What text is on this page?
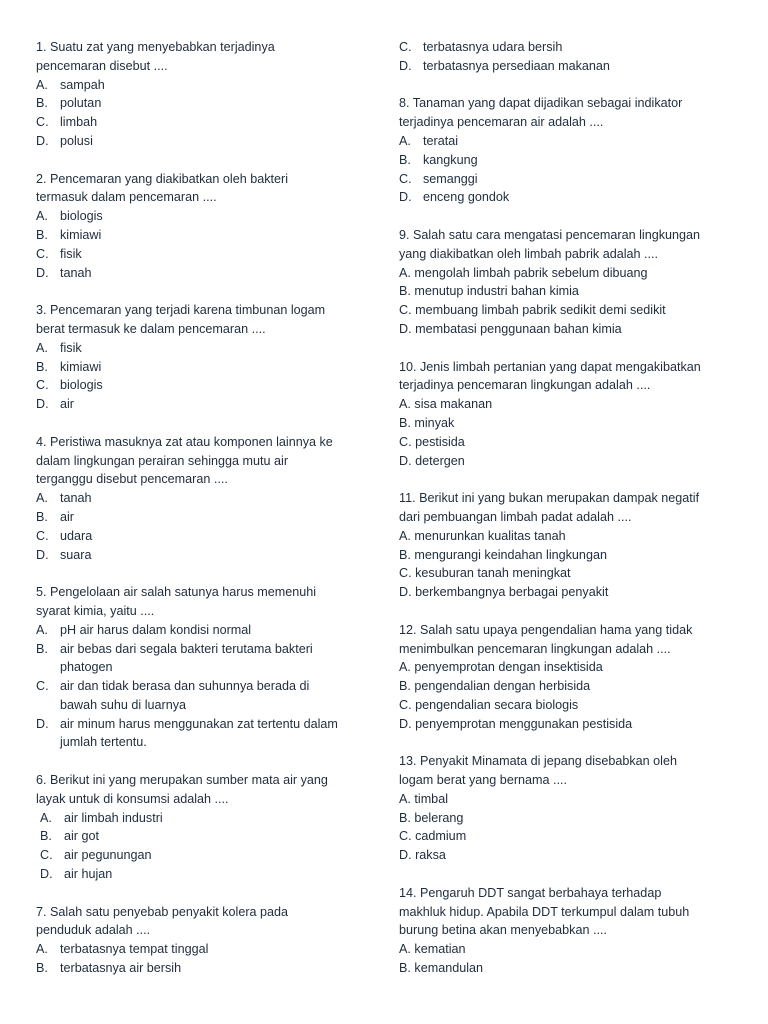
1. Suatu zat yang menyebabkan terjadinya
pencemaran disebut ....
A. sampah
B. polutan
C. limbah
D. polusi
2. Pencemaran yang diakibatkan oleh bakteri
termasuk dalam pencemaran ....
A. biologis
B. kimiawi
C. fisik
D. tanah
3. Pencemaran yang terjadi karena timbunan logam
berat termasuk ke dalam pencemaran ....
A. fisik
B. kimiawi
C. biologis
D. air
4. Peristiwa masuknya zat atau komponen lainnya ke
dalam lingkungan perairan sehingga mutu air
terganggu disebut pencemaran ....
A. tanah
B. air
C. udara
D. suara
5. Pengelolaan air salah satunya harus memenuhi
syarat kimia, yaitu ....
A. pH air harus dalam kondisi normal
B. air bebas dari segala bakteri terutama bakteri
phatogen
C. air dan tidak berasa dan suhunnya berada di
bawah suhu di luarnya
D. air minum harus menggunakan zat tertentu dalam
jumlah tertentu.
6. Berikut ini yang merupakan sumber mata air yang
layak untuk di konsumsi adalah ....
A. air limbah industri
B. air got
C. air pegunungan
D. air hujan
7. Salah satu penyebab penyakit kolera pada
penduduk adalah ....
A. terbatasnya tempat tinggal
B. terbatasnya air bersih
C. terbatasnya udara bersih
D. terbatasnya persediaan makanan
8. Tanaman yang dapat dijadikan sebagai indikator
terjadinya pencemaran air adalah ....
A. teratai
B. kangkung
C. semanggi
D. enceng gondok
9. Salah satu cara mengatasi pencemaran lingkungan
yang diakibatkan oleh limbah pabrik adalah ....
A. mengolah limbah pabrik sebelum dibuang
B. menutup industri bahan kimia
C. membuang limbah pabrik sedikit demi sedikit
D. membatasi penggunaan bahan kimia
10. Jenis limbah pertanian yang dapat mengakibatkan
terjadinya pencemaran lingkungan adalah ....
A. sisa makanan
B. minyak
C. pestisida
D. detergen
11. Berikut ini yang bukan merupakan dampak negatif
dari pembuangan limbah padat adalah ....
A. menurunkan kualitas tanah
B. mengurangi keindahan lingkungan
C. kesuburan tanah meningkat
D. berkembangnya berbagai penyakit
12. Salah satu upaya pengendalian hama yang tidak
menimbulkan pencemaran lingkungan adalah ....
A. penyemprotan dengan insektisida
B. pengendalian dengan herbisida
C. pengendalian secara biologis
D. penyemprotan menggunakan pestisida
13. Penyakit Minamata di jepang disebabkan oleh
logam berat yang bernama ....
A. timbal
B. belerang
C. cadmium
D. raksa
14. Pengaruh DDT sangat berbahaya terhadap
makhluk hidup. Apabila DDT terkumpul dalam tubuh
burung betina akan menyebabkan ....
A. kematian
B. kemandulan
